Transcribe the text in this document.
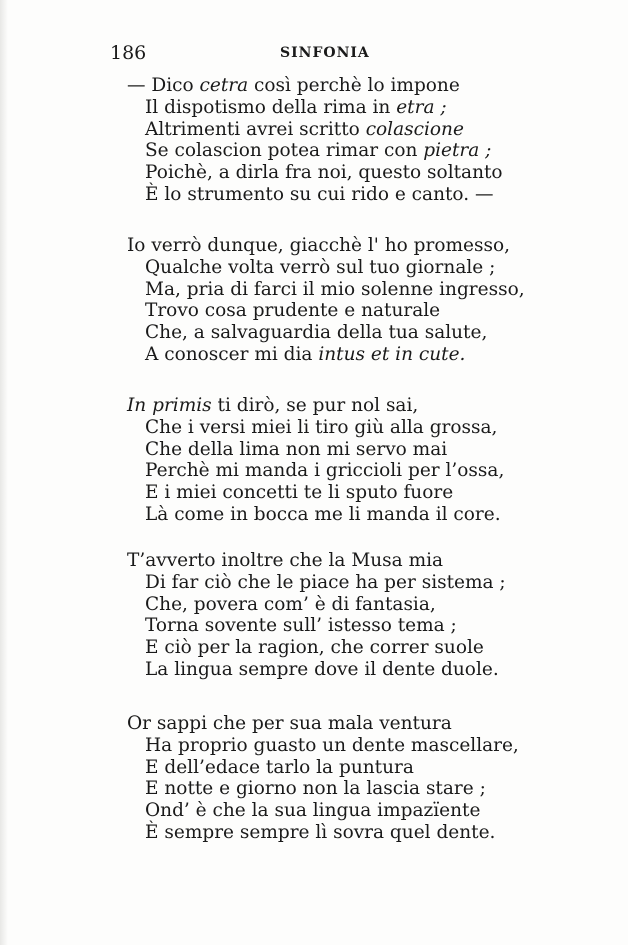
186	SINFONIA
— Dico cetra così perchè lo impone
Il dispotismo della rima in etra ;
Altrimenti avrei scritto colascione
Se colascion potea rimar con pietra ;
Poichè, a dirla fra noi, questo soltanto
È lo strumento su cui rido e canto. —
Io verrò dunque, giacchè l' ho promesso,
Qualche volta verrò sul tuo giornale ;
Ma, pria di farci il mio solenne ingresso,
Trovo cosa prudente e naturale
Che, a salvaguardia della tua salute,
A conoscer mi dia intus et in cute.
In primis ti dirò, se pur nol sai,
Che i versi miei li tiro giù alla grossa,
Che della lima non mi servo mai
Perchè mi manda i griccioli per l’ossa,
E i miei concetti te li sputo fuore
Là come in bocca me li manda il core.
T’avverto inoltre che la Musa mia
Di far ciò che le piace ha per sistema ;
Che, povera com’ è di fantasia,
Torna sovente sull’ istesso tema ;
E ciò per la ragion, che correr suole
La lingua sempre dove il dente duole.
Or sappi che per sua mala ventura
Ha proprio guasto un dente mascellare,
E dell’edace tarlo la puntura
E notte e giorno non la lascia stare ;
Ond’ è che la sua lingua impazïente
È sempre sempre lì sovra quel dente.
